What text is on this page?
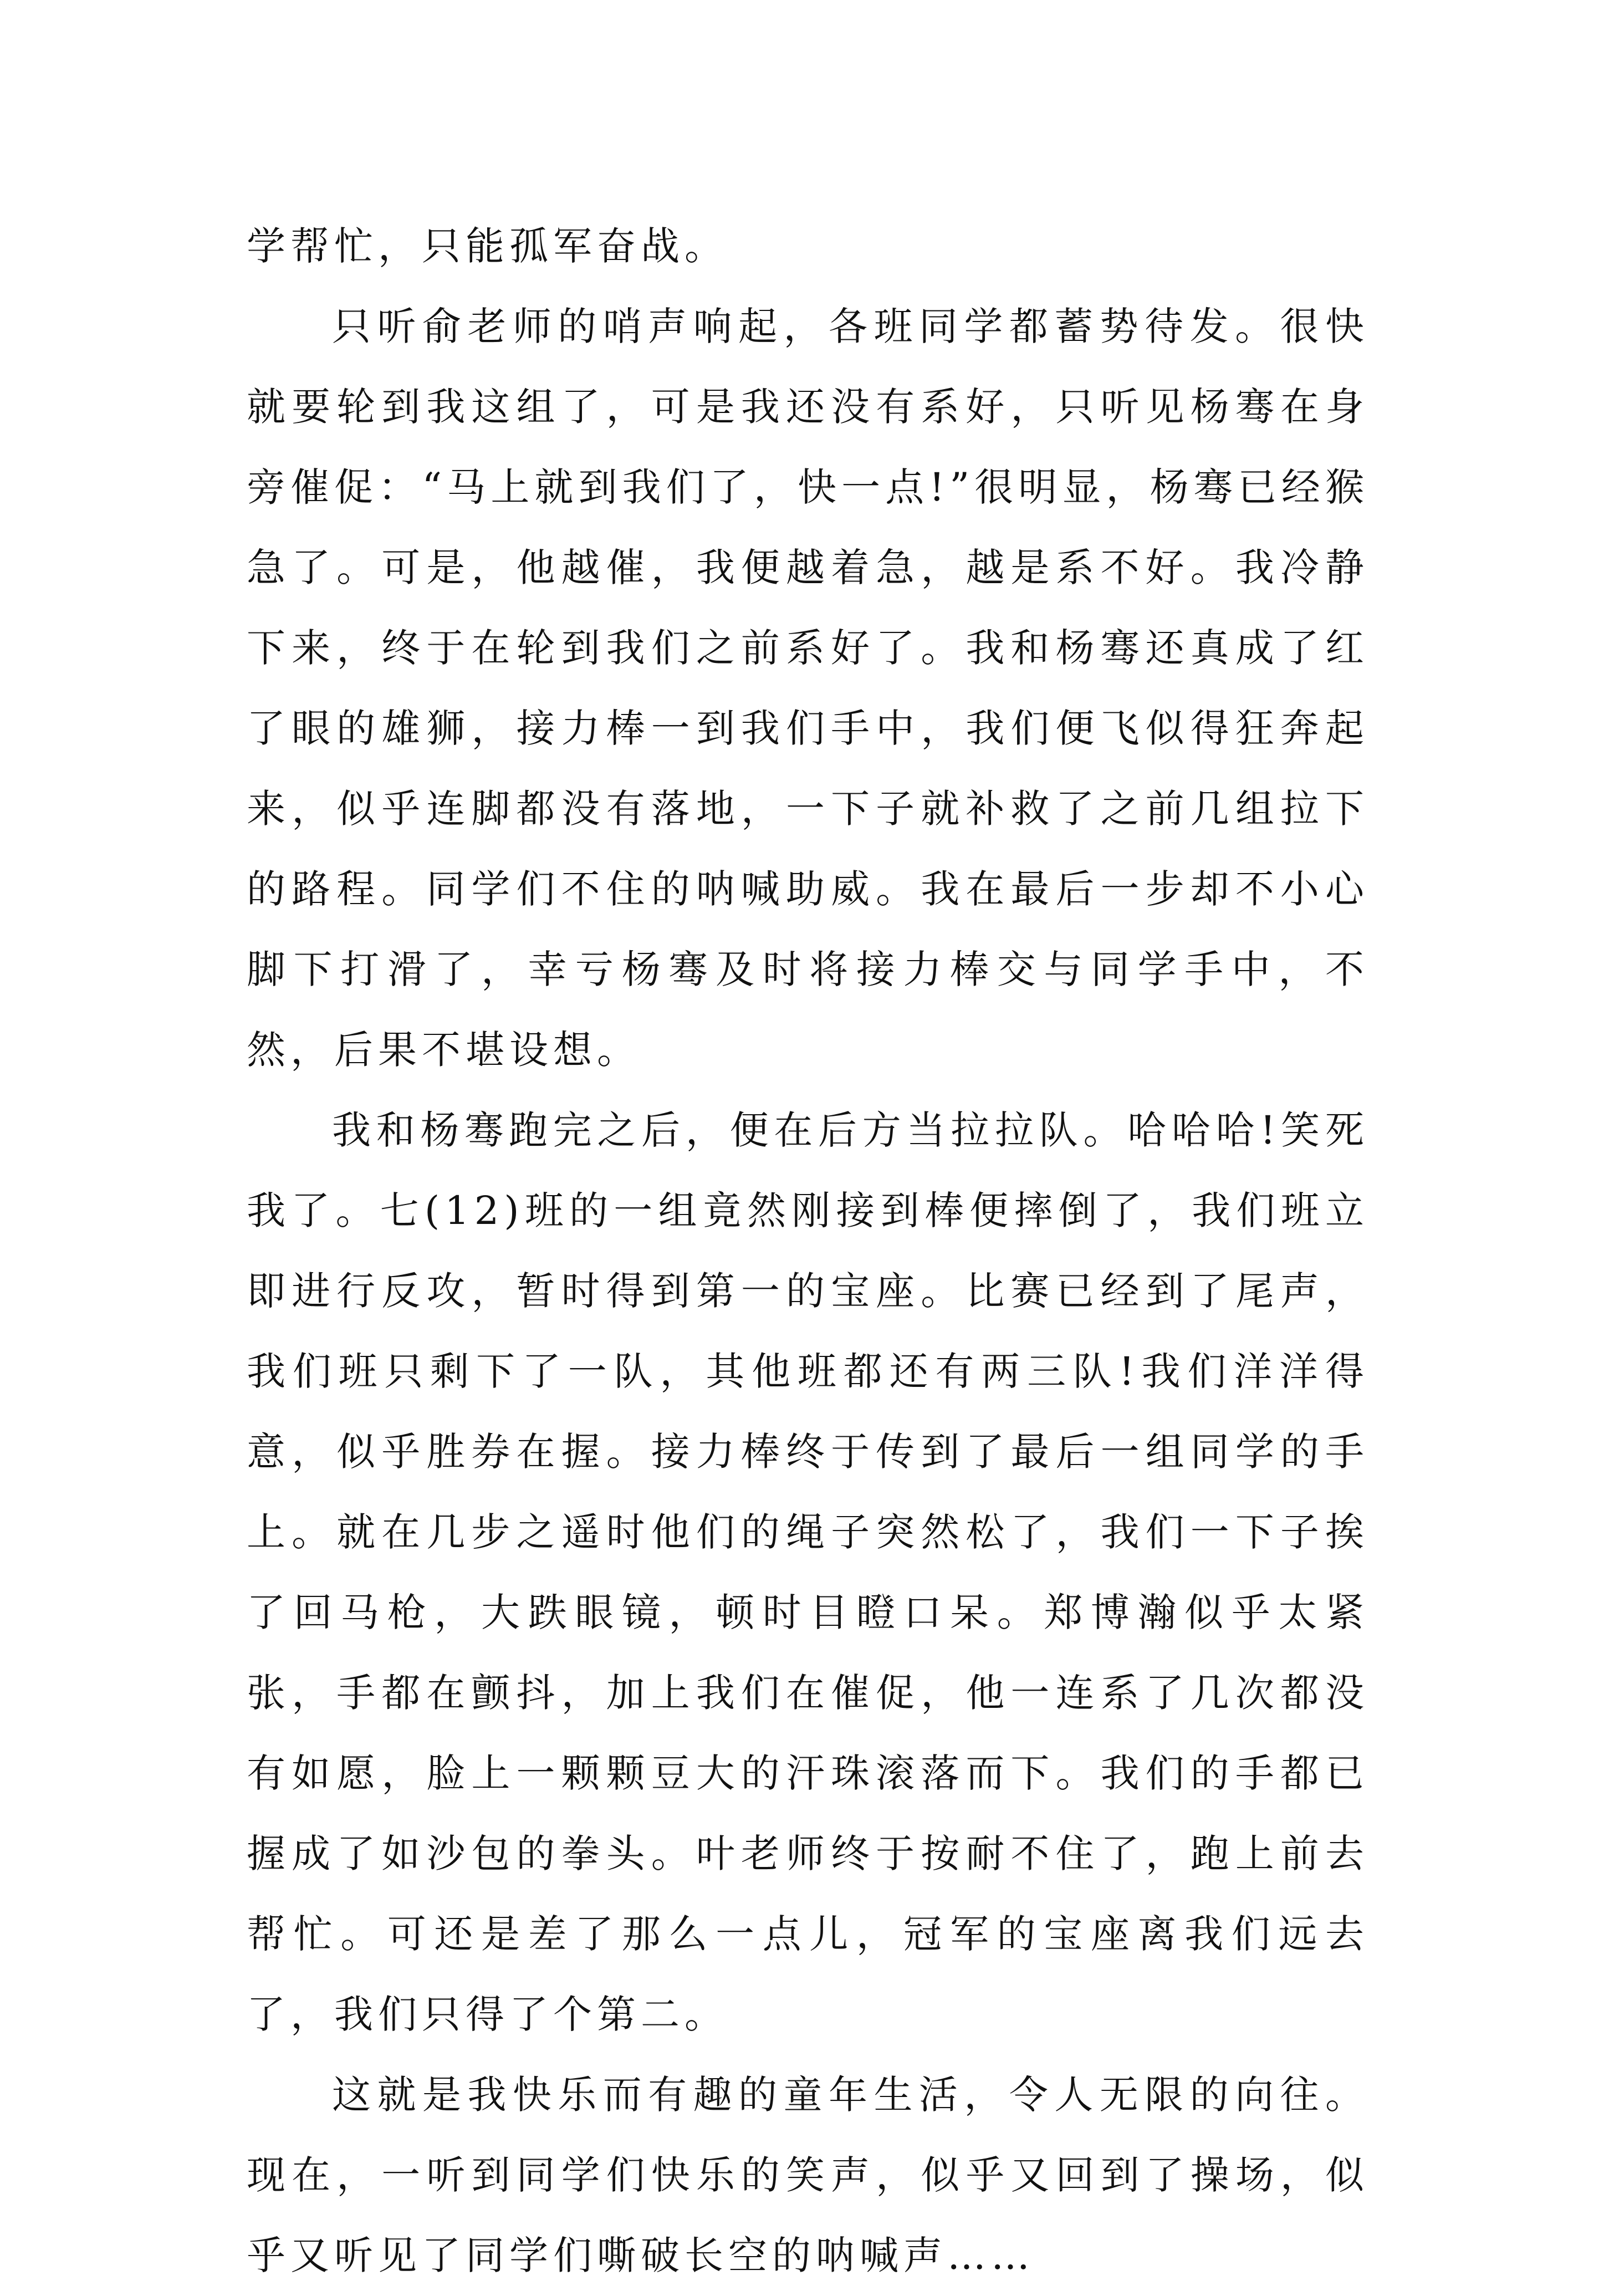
学帮忙，只能孤军奋战。

只听俞老师的哨声响起，各班同学都蓄势待发。很快就要轮到我这组了，可是我还没有系好，只听见杨骞在身旁催促：“马上就到我们了，快一点!”很明显，杨骞已经猴急了。可是，他越催，我便越着急，越是系不好。我冷静下来，终于在轮到我们之前系好了。我和杨骞还真成了红了眼的雄狮，接力棒一到我们手中，我们便飞似得狂奔起来，似乎连脚都没有落地，一下子就补救了之前几组拉下的路程。同学们不住的呐喊助威。我在最后一步却不小心脚下打滑了，幸亏杨骞及时将接力棒交与同学手中，不然，后果不堪设想。

我和杨骞跑完之后，便在后方当拉拉队。哈哈哈!笑死我了。七(12)班的一组竟然刚接到棒便摔倒了，我们班立即进行反攻，暂时得到第一的宝座。比赛已经到了尾声，我们班只剩下了一队，其他班都还有两三队!我们洋洋得意，似乎胜券在握。接力棒终于传到了最后一组同学的手上。就在几步之遥时他们的绳子突然松了，我们一下子挨了回马枪，大跌眼镜，顿时目瞪口呆。郑博瀚似乎太紧张，手都在颤抖，加上我们在催促，他一连系了几次都没有如愿，脸上一颗颗豆大的汗珠滚落而下。我们的手都已握成了如沙包的拳头。叶老师终于按耐不住了，跑上前去帮忙。可还是差了那么一点儿，冠军的宝座离我们远去了，我们只得了个第二。

这就是我快乐而有趣的童年生活，令人无限的向往。现在，一听到同学们快乐的笑声，似乎又回到了操场，似乎又听见了同学们嘶破长空的呐喊声……
